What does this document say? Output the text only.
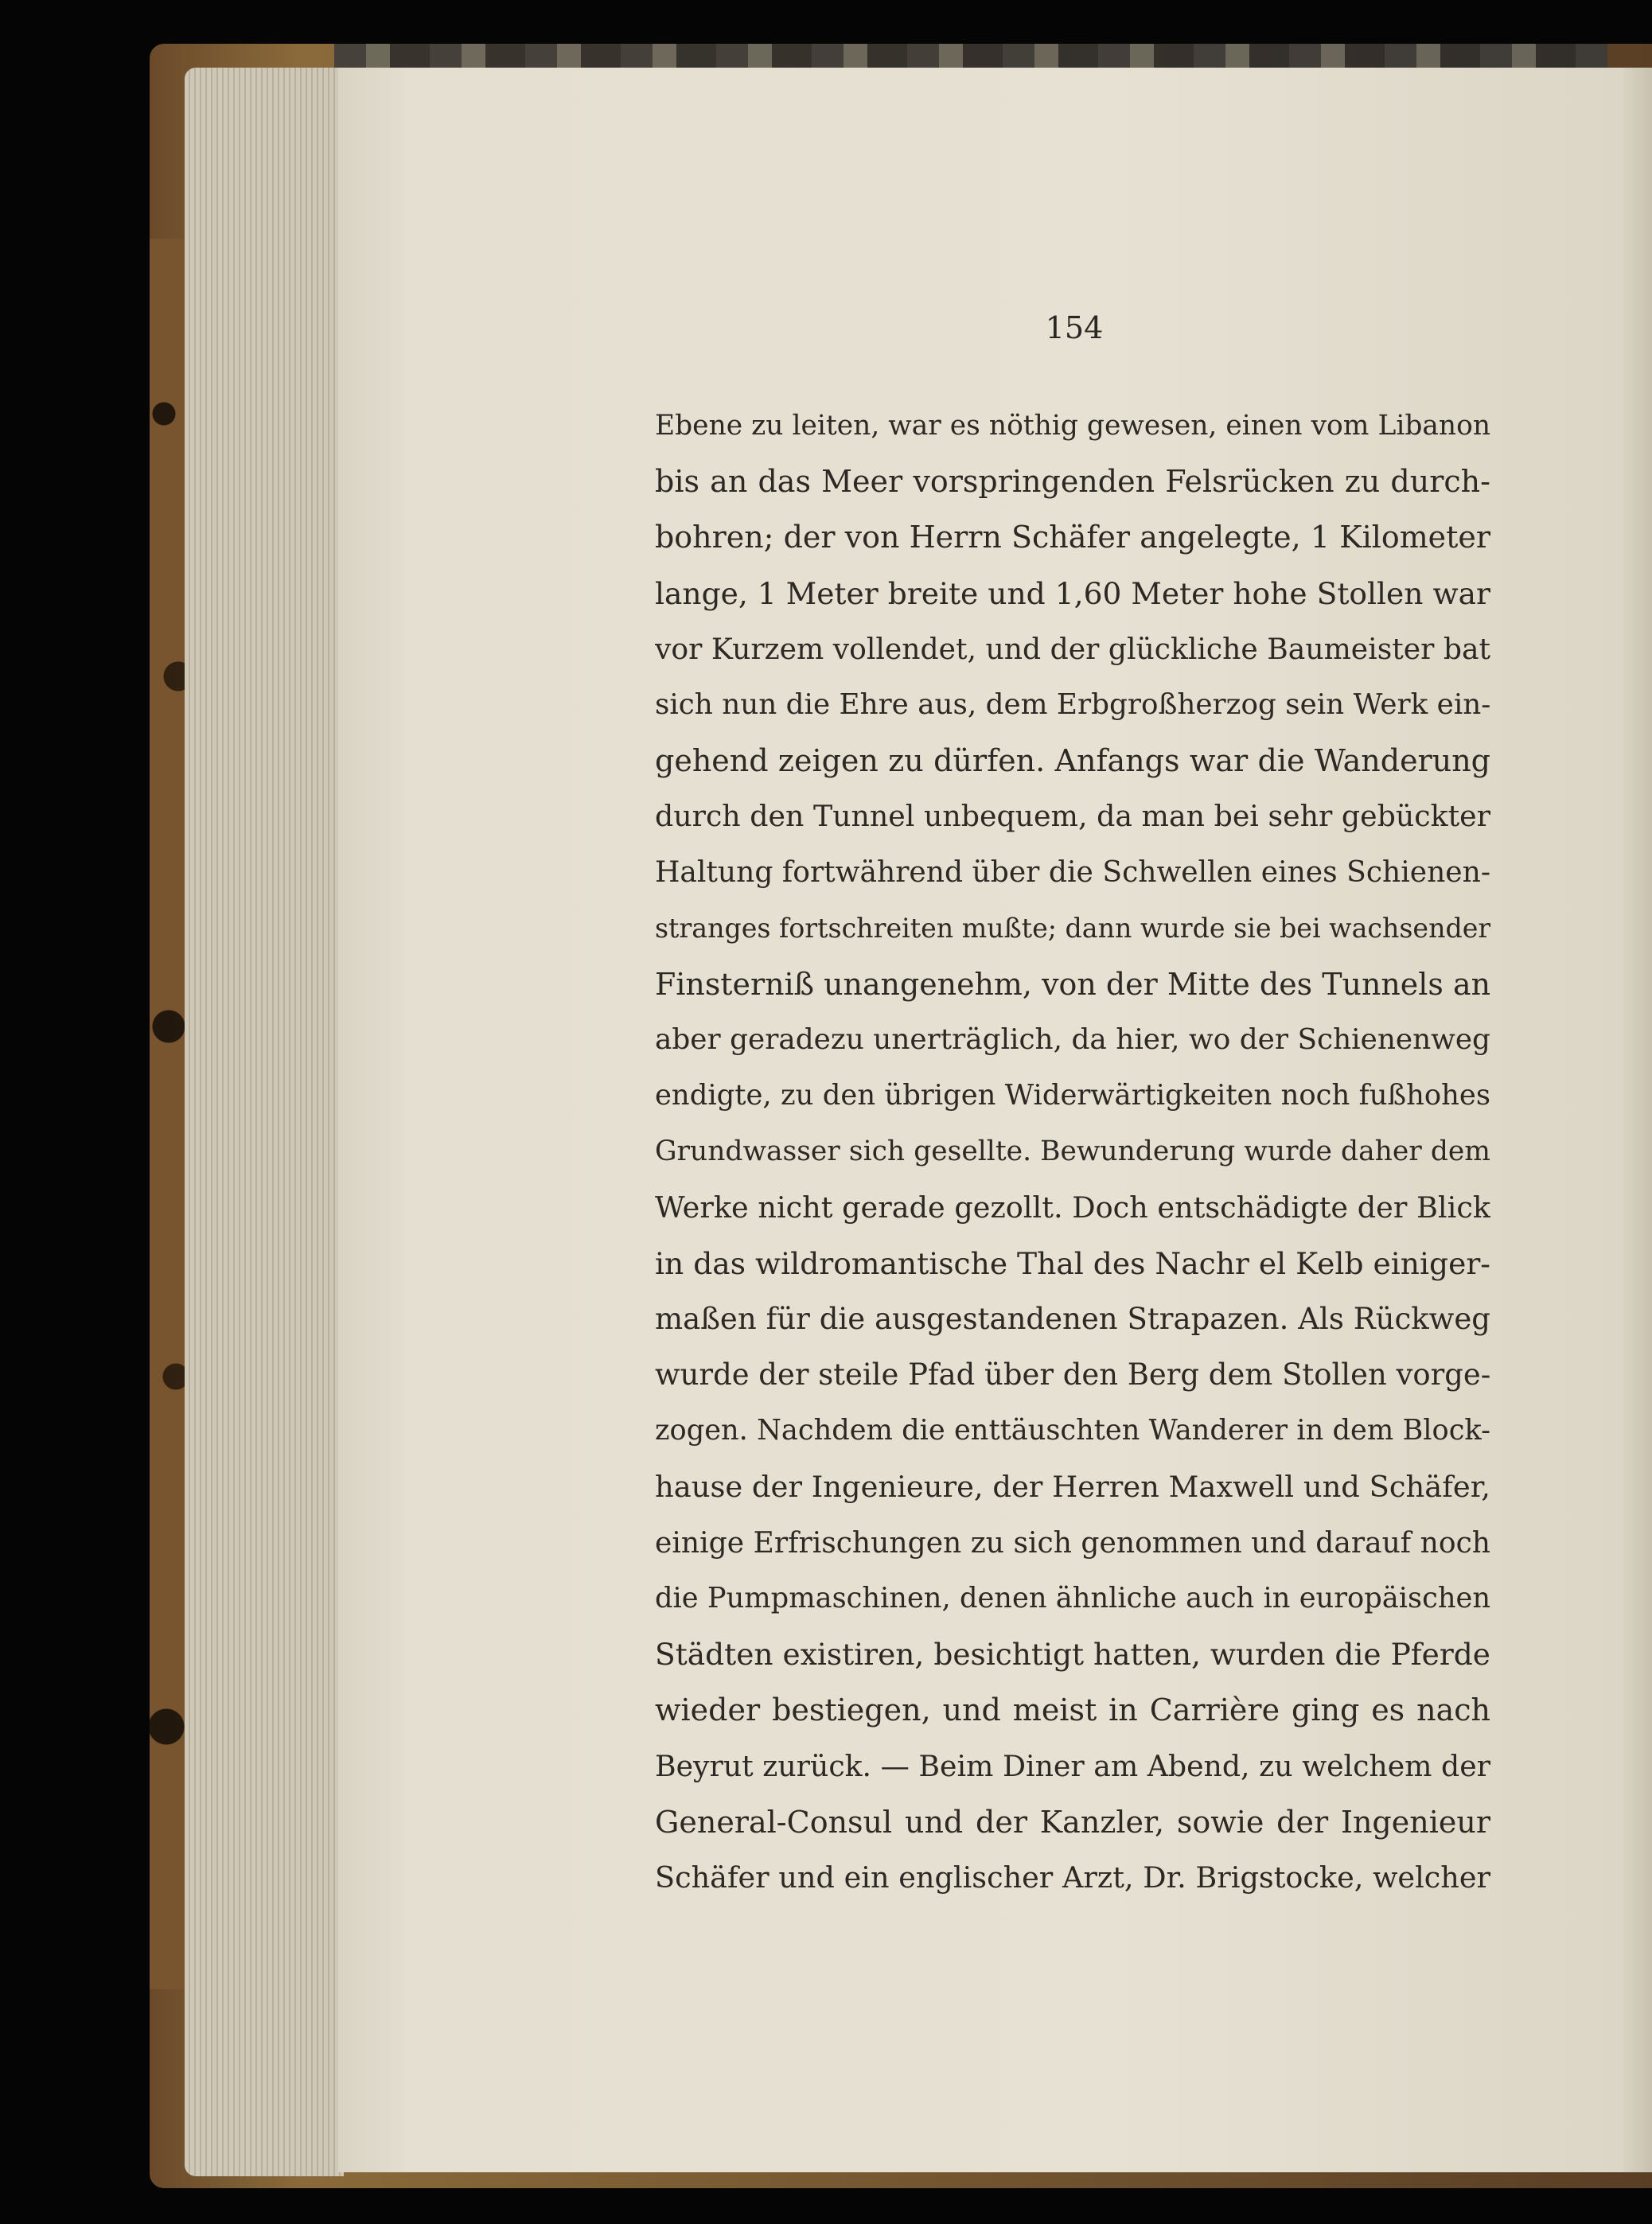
154
Ebene zu leiten, war es nöthig gewesen, einen vom Libanon
bis an das Meer vorspringenden Felsrücken zu durch-
bohren; der von Herrn Schäfer angelegte, 1 Kilometer
lange, 1 Meter breite und 1,60 Meter hohe Stollen war
vor Kurzem vollendet, und der glückliche Baumeister bat
sich nun die Ehre aus, dem Erbgroßherzog sein Werk ein-
gehend zeigen zu dürfen. Anfangs war die Wanderung
durch den Tunnel unbequem, da man bei sehr gebückter
Haltung fortwährend über die Schwellen eines Schienen-
stranges fortschreiten mußte; dann wurde sie bei wachsender
Finsterniß unangenehm, von der Mitte des Tunnels an
aber geradezu unerträglich, da hier, wo der Schienenweg
endigte, zu den übrigen Widerwärtigkeiten noch fußhohes
Grundwasser sich gesellte. Bewunderung wurde daher dem
Werke nicht gerade gezollt. Doch entschädigte der Blick
in das wildromantische Thal des Nachr el Kelb einiger-
maßen für die ausgestandenen Strapazen. Als Rückweg
wurde der steile Pfad über den Berg dem Stollen vorge-
zogen. Nachdem die enttäuschten Wanderer in dem Block-
hause der Ingenieure, der Herren Maxwell und Schäfer,
einige Erfrischungen zu sich genommen und darauf noch
die Pumpmaschinen, denen ähnliche auch in europäischen
Städten existiren, besichtigt hatten, wurden die Pferde
wieder bestiegen, und meist in Carrière ging es nach
Beyrut zurück. — Beim Diner am Abend, zu welchem der
General-Consul und der Kanzler, sowie der Ingenieur
Schäfer und ein englischer Arzt, Dr. Brigstocke, welcher
